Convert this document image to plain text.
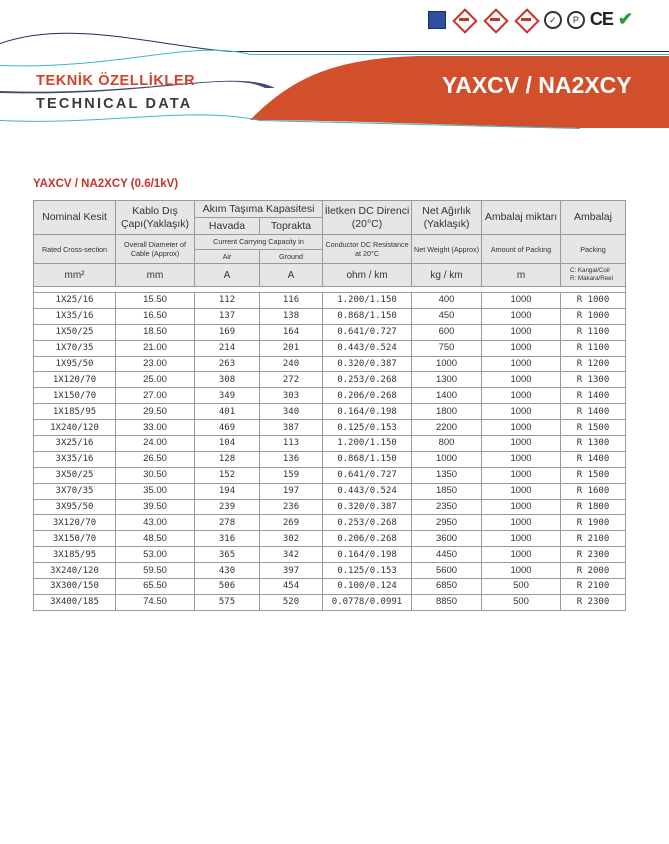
✓	P CE ✔
TEKNİK ÖZELLİKLER
TECHNICAL DATA
YAXCV / NA2XCY
YAXCV / NA2XCY (0.6/1kV)
Nominal Kesit	Kablo Dış Çapı(Yaklaşık)	Akım Taşıma Kapasitesi		İletken DC Direnci (20°C)	Net Ağırlık (Yaklaşık)	Ambalaj miktarı	Ambalaj
		Havada	Toprakta				
Rated Cross-section	Overall Diameter of Cable (Approx)	Current Carrying Capacity in		Conductor DC Resistance at 20°C	Net Weight (Approx)	Amount of Packing	Packing
		Air	Ground				
mm²	mm	A	A	ohm / km	kg / km	m	C: Kangal/Coil
R: Makara/Reel

1X25/16	15.50	112	116	1.200/1.150	400	1000	R 1000
1X35/16	16.50	137	138	0.868/1.150	450	1000	R 1000
1X50/25	18.50	169	164	0.641/0.727	600	1000	R 1100
1X70/35	21.00	214	201	0.443/0.524	750	1000	R 1100
1X95/50	23.00	263	240	0.320/0.387	1000	1000	R 1200
1X120/70	25.00	308	272	0.253/0.268	1300	1000	R 1300
1X150/70	27.00	349	303	0.206/0.268	1400	1000	R 1400
1X185/95	29.50	401	340	0.164/0.198	1800	1000	R 1400
1X240/120	33.00	469	387	0.125/0.153	2200	1000	R 1500
3X25/16	24.00	104	113	1.200/1.150	800	1000	R 1300
3X35/16	26.50	128	136	0.868/1.150	1000	1000	R 1400
3X50/25	30.50	152	159	0.641/0.727	1350	1000	R 1500
3X70/35	35.00	194	197	0.443/0.524	1850	1000	R 1600
3X95/50	39.50	239	236	0.320/0.387	2350	1000	R 1800
3X120/70	43.00	278	269	0.253/0.268	2950	1000	R 1900
3X150/70	48.50	316	302	0.206/0.268	3600	1000	R 2100
3X185/95	53.00	365	342	0.164/0.198	4450	1000	R 2300
3X240/120	59.50	430	397	0.125/0.153	5600	1000	R 2000
3X300/150	65.50	506	454	0.100/0.124	6850	500	R 2100
3X400/185	74.50	575	520	0.0778/0.0991	8850	500	R 2300
